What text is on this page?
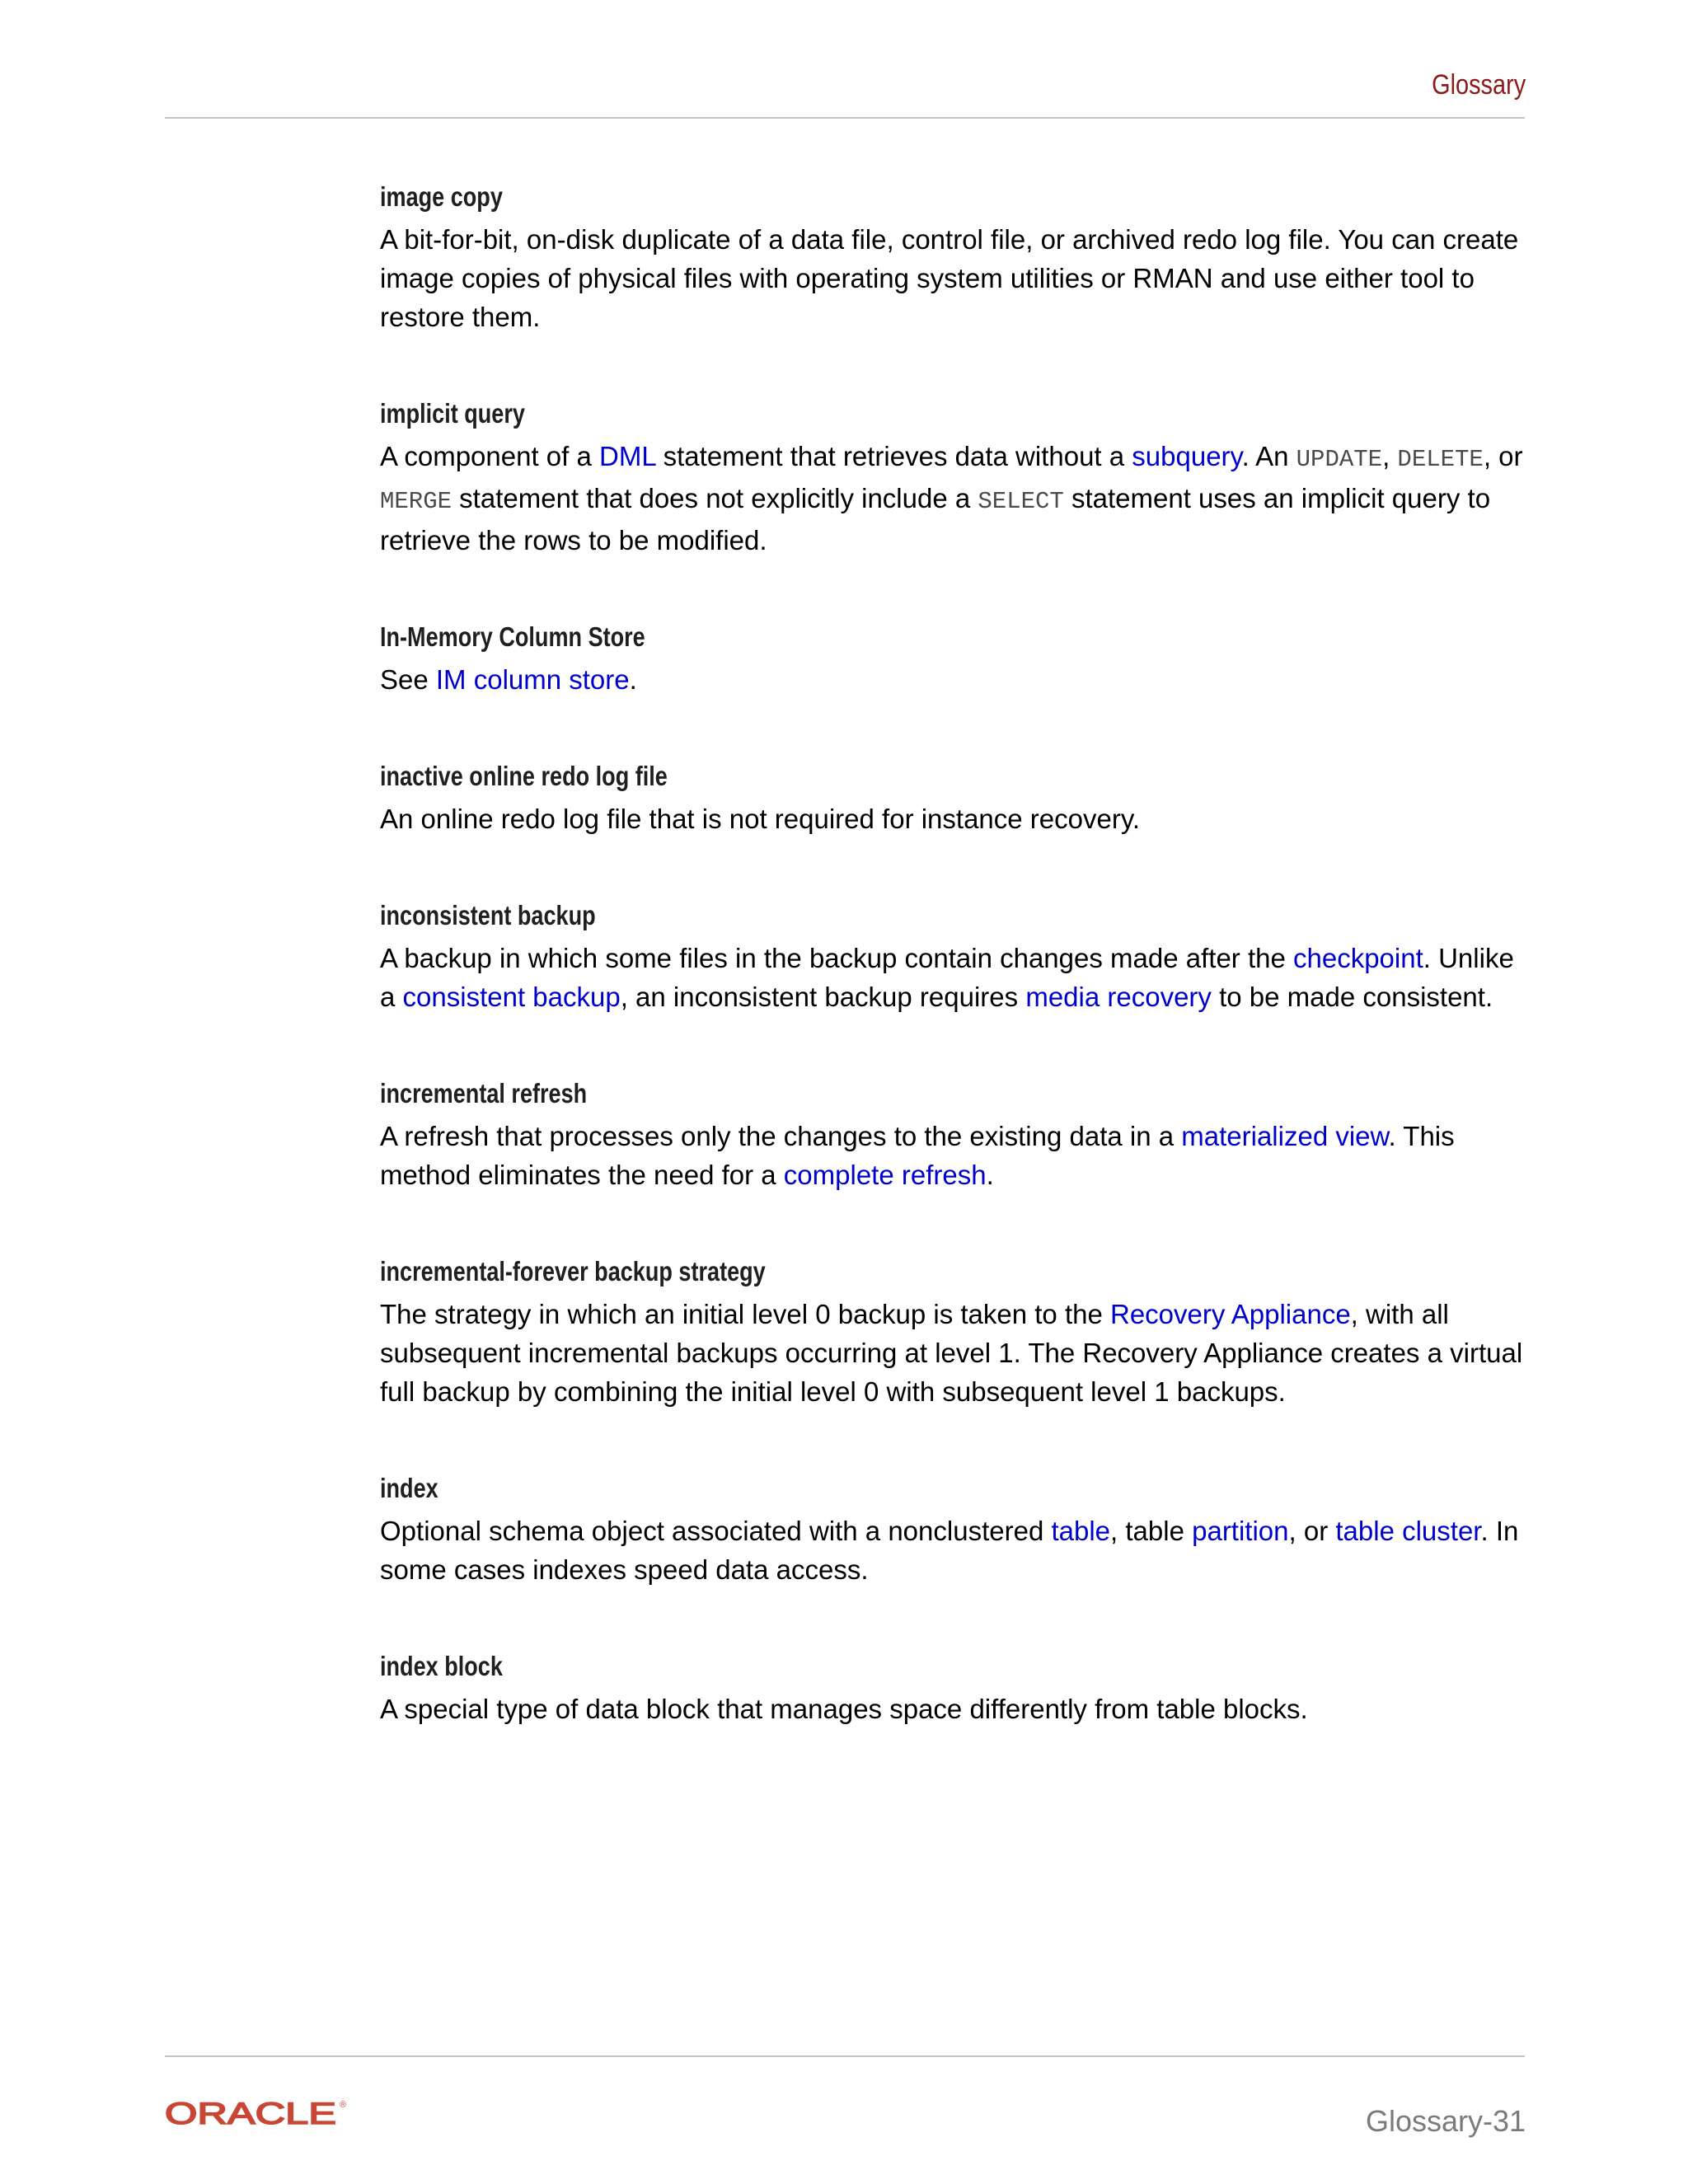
Glossary
image copy
A bit-for-bit, on-disk duplicate of a data file, control file, or archived redo log file. You can create image copies of physical files with operating system utilities or RMAN and use either tool to restore them.
implicit query
A component of a DML statement that retrieves data without a subquery. An UPDATE, DELETE, or MERGE statement that does not explicitly include a SELECT statement uses an implicit query to retrieve the rows to be modified.
In-Memory Column Store
See IM column store.
inactive online redo log file
An online redo log file that is not required for instance recovery.
inconsistent backup
A backup in which some files in the backup contain changes made after the checkpoint. Unlike a consistent backup, an inconsistent backup requires media recovery to be made consistent.
incremental refresh
A refresh that processes only the changes to the existing data in a materialized view. This method eliminates the need for a complete refresh.
incremental-forever backup strategy
The strategy in which an initial level 0 backup is taken to the Recovery Appliance, with all subsequent incremental backups occurring at level 1. The Recovery Appliance creates a virtual full backup by combining the initial level 0 with subsequent level 1 backups.
index
Optional schema object associated with a nonclustered table, table partition, or table cluster. In some cases indexes speed data access.
index block
A special type of data block that manages space differently from table blocks.
ORACLE ®	Glossary-31
